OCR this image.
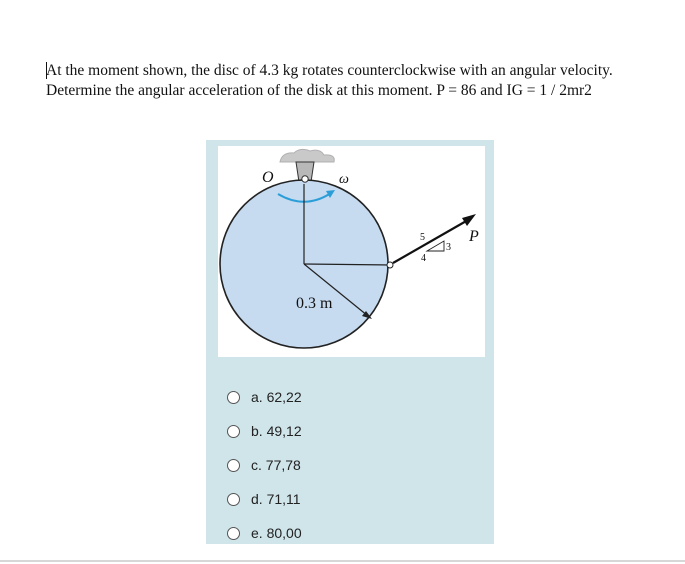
At the moment shown, the disc of 4.3 kg rotates counterclockwise with an angular velocity.
Determine the angular acceleration of the disk at this moment. P = 86 and IG = 1 / 2mr2
O	ω
0.3 m
P
5
3
4
a. 62,22
b. 49,12
c. 77,78
d. 71,11
e. 80,00
